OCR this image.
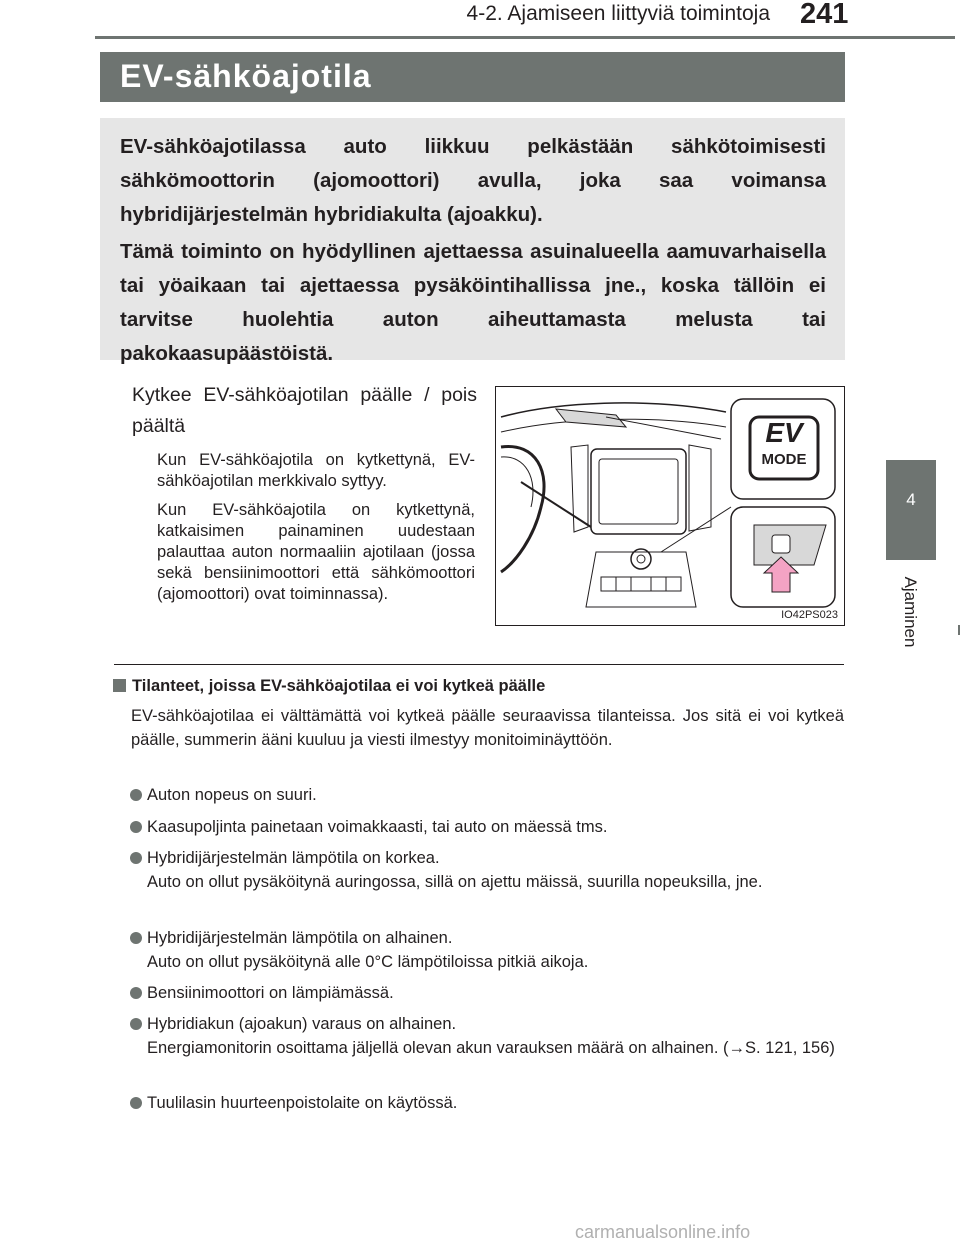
4-2. Ajamiseen liittyviä toimintoja 241
EV-sähköajotila

EV-sähköajotilassa auto liikkuu pelkästään sähkötoimisesti sähkömoottorin (ajomoottori) avulla, joka saa voimansa hybridijärjestelmän hybridiakulta (ajoakku).

Tämä toiminto on hyödyllinen ajettaessa asuinalueella aamuvarhaisella tai yöaikaan tai ajettaessa pysäköintihallissa jne., koska tällöin ei tarvitse huolehtia auton aiheuttamasta melusta tai pakokaasupäästöistä.

4
Ajaminen
Kytkee EV-sähköajotilan päälle / pois päältä

Kun EV-sähköajotila on kytkettynä, EV-sähköajotilan merkkivalo syttyy.

Kun EV-sähköajotila on kytkettynä, katkaisimen painaminen uudestaan palauttaa auton normaaliin ajotilaan (jossa sekä bensiinimoottori että sähkömoottori (ajomoottori) ovat toiminnassa).

EV
MODE
IO42PS023
Tilanteet, joissa EV-sähköajotilaa ei voi kytkeä päälle

EV-sähköajotilaa ei välttämättä voi kytkeä päälle seuraavissa tilanteissa. Jos sitä ei voi kytkeä päälle, summerin ääni kuuluu ja viesti ilmestyy monitoiminäyttöön.

Auton nopeus on suuri.
Kaasupoljinta painetaan voimakkaasti, tai auto on mäessä tms.
Hybridijärjestelmän lämpötila on korkea.
Auto on ollut pysäköitynä auringossa, sillä on ajettu mäissä, suurilla nopeuksilla, jne.
Hybridijärjestelmän lämpötila on alhainen.
Auto on ollut pysäköitynä alle 0°C lämpötiloissa pitkiä aikoja.
Bensiinimoottori on lämpiämässä.
Hybridiakun (ajoakun) varaus on alhainen.
Energiamonitorin osoittama jäljellä olevan akun varauksen määrä on alhainen. (→S. 121, 156)
Tuulilasin huurteenpoistolaite on käytössä.
carmanualsonline.info
